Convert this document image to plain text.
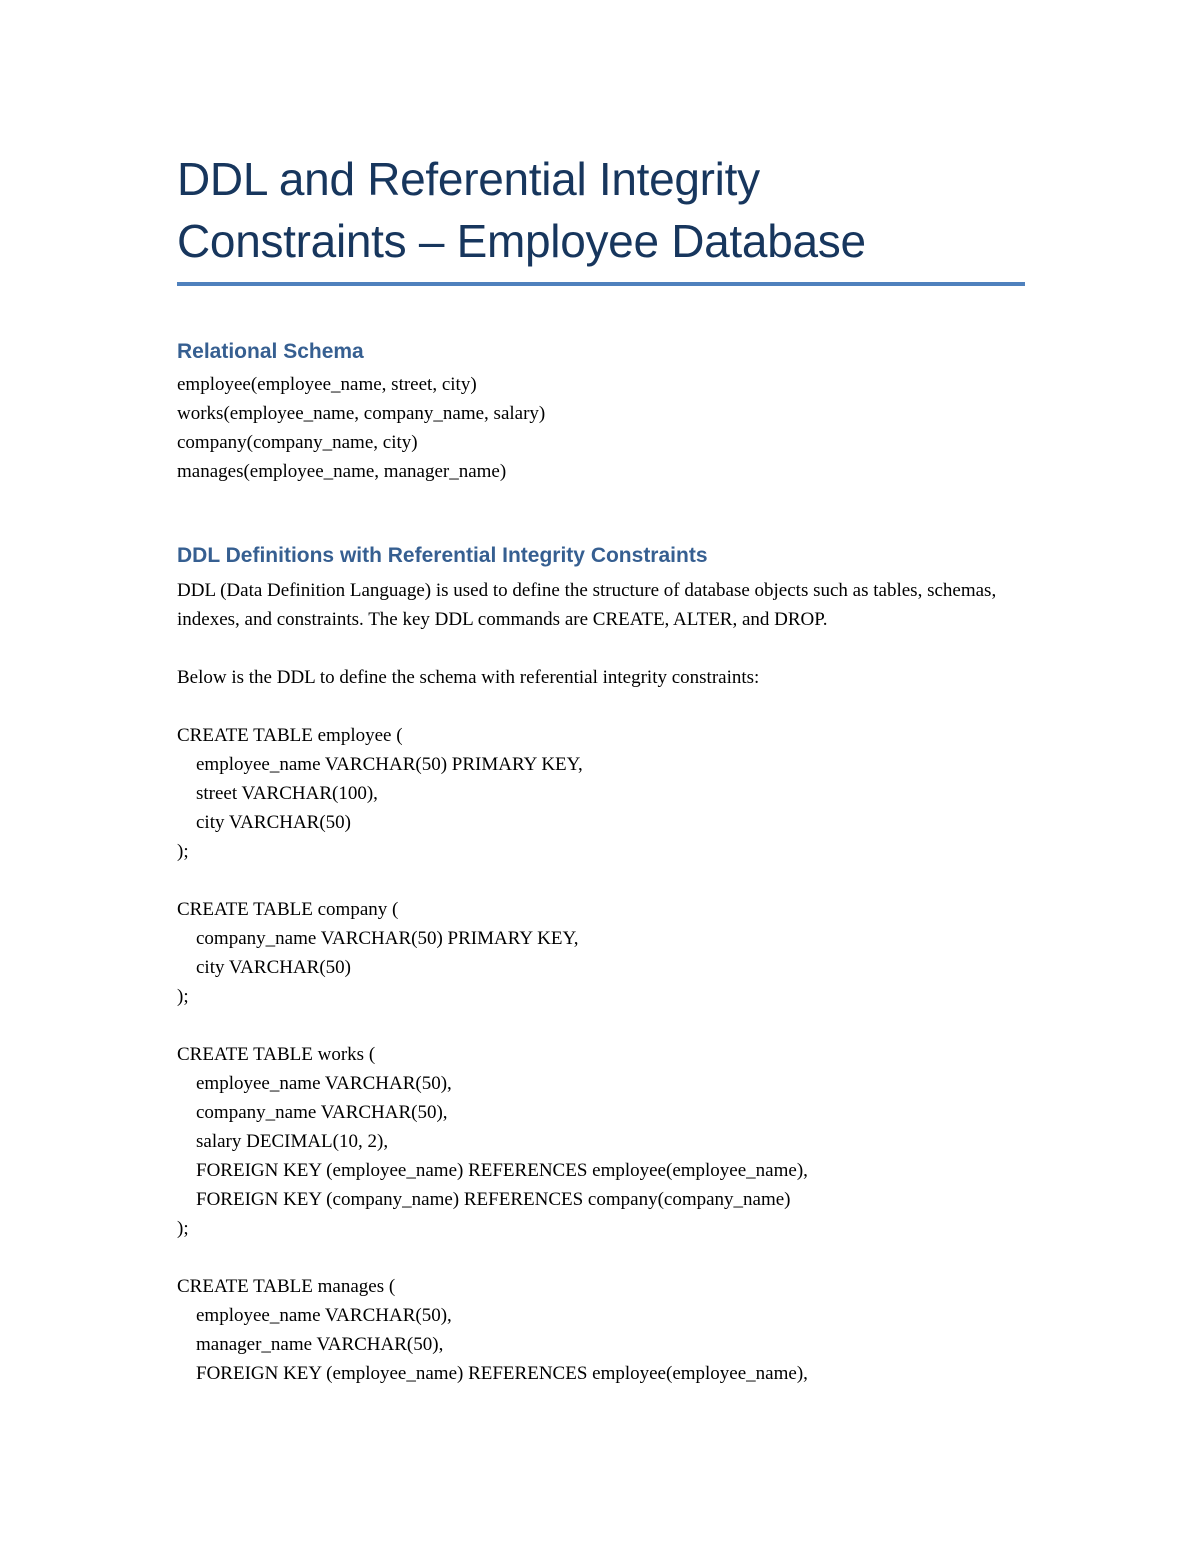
DDL and Referential Integrity
Constraints – Employee Database
Relational Schema

employee(employee_name, street, city)

works(employee_name, company_name, salary)

company(company_name, city)

manages(employee_name, manager_name)

DDL Definitions with Referential Integrity Constraints

DDL (Data Definition Language) is used to define the structure of database objects such as tables, schemas, indexes, and constraints. The key DDL commands are CREATE, ALTER, and DROP.

Below is the DDL to define the schema with referential integrity constraints:

CREATE TABLE employee (

employee_name VARCHAR(50) PRIMARY KEY,

street VARCHAR(100),

city VARCHAR(50)

);

CREATE TABLE company (

company_name VARCHAR(50) PRIMARY KEY,

city VARCHAR(50)

);

CREATE TABLE works (

employee_name VARCHAR(50),

company_name VARCHAR(50),

salary DECIMAL(10, 2),

FOREIGN KEY (employee_name) REFERENCES employee(employee_name),

FOREIGN KEY (company_name) REFERENCES company(company_name)

);

CREATE TABLE manages (

employee_name VARCHAR(50),

manager_name VARCHAR(50),

FOREIGN KEY (employee_name) REFERENCES employee(employee_name),
